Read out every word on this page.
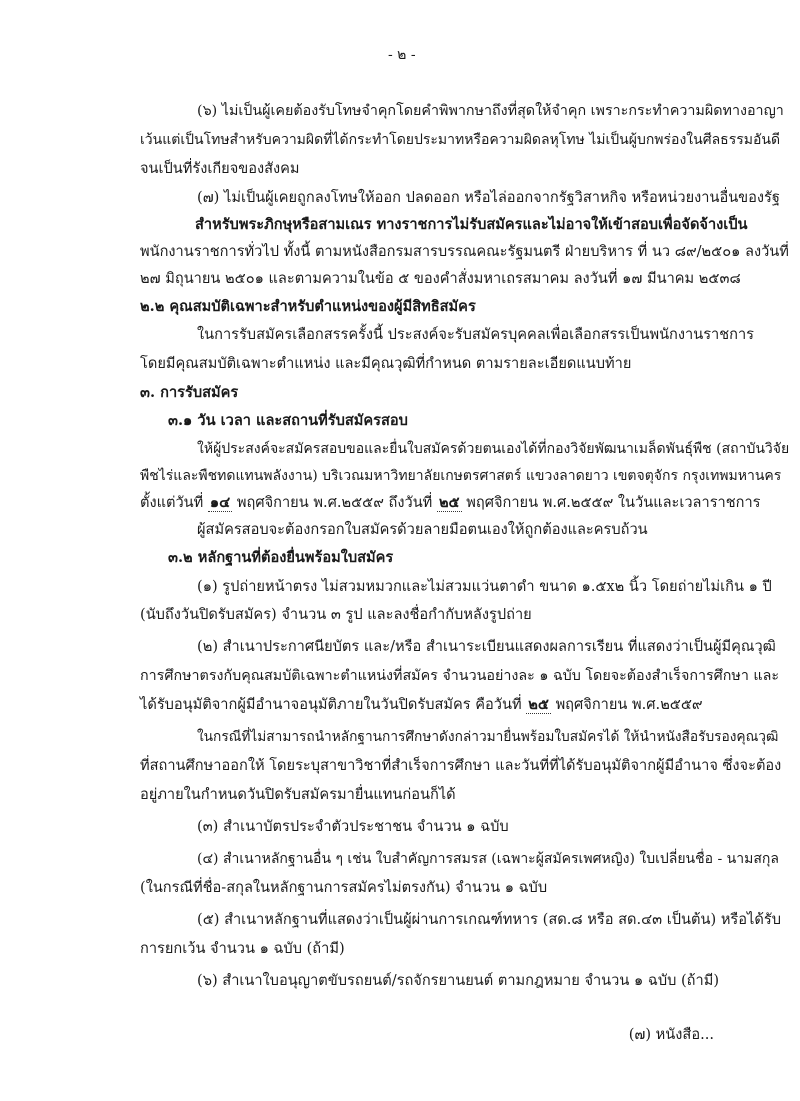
- ๒ -
(๖) ไม่เป็นผู้เคยต้องรับโทษจำคุกโดยคำพิพากษาถึงที่สุดให้จำคุก เพราะกระทำความผิดทางอาญา
เว้นแต่เป็นโทษสำหรับความผิดที่ได้กระทำโดยประมาทหรือความผิดลหุโทษ ไม่เป็นผู้บกพร่องในศีลธรรมอันดี
จนเป็นที่รังเกียจของสังคม
(๗) ไม่เป็นผู้เคยถูกลงโทษให้ออก ปลดออก หรือไล่ออกจากรัฐวิสาหกิจ หรือหน่วยงานอื่นของรัฐ
สำหรับพระภิกษุหรือสามเณร ทางราชการไม่รับสมัครและไม่อาจให้เข้าสอบเพื่อจัดจ้างเป็น
พนักงานราชการทั่วไป ทั้งนี้ ตามหนังสือกรมสารบรรณคณะรัฐมนตรี ฝ่ายบริหาร ที่ นว ๘๙/๒๕๐๑ ลงวันที่
๒๗ มิถุนายน ๒๕๐๑ และตามความในข้อ ๕ ของคำสั่งมหาเถรสมาคม ลงวันที่ ๑๗ มีนาคม ๒๕๓๘
๒.๒ คุณสมบัติเฉพาะสำหรับตำแหน่งของผู้มีสิทธิสมัคร
ในการรับสมัครเลือกสรรครั้งนี้ ประสงค์จะรับสมัครบุคคลเพื่อเลือกสรรเป็นพนักงานราชการ
โดยมีคุณสมบัติเฉพาะตำแหน่ง และมีคุณวุฒิที่กำหนด ตามรายละเอียดแนบท้าย
๓. การรับสมัคร
๓.๑ วัน เวลา และสถานที่รับสมัครสอบ
ให้ผู้ประสงค์จะสมัครสอบขอและยื่นใบสมัครด้วยตนเองได้ที่กองวิจัยพัฒนาเมล็ดพันธุ์พืช (สถาบันวิจัย
พืชไร่และพืชทดแทนพลังงาน) บริเวณมหาวิทยาลัยเกษตรศาสตร์ แขวงลาดยาว เขตจตุจักร กรุงเทพมหานคร
ตั้งแต่วันที่ ๑๔ พฤศจิกายน พ.ศ.๒๕๕๙ ถึงวันที่ ๒๕ พฤศจิกายน พ.ศ.๒๕๕๙ ในวันและเวลาราชการ
ผู้สมัครสอบจะต้องกรอกใบสมัครด้วยลายมือตนเองให้ถูกต้องและครบถ้วน
๓.๒ หลักฐานที่ต้องยื่นพร้อมใบสมัคร
(๑) รูปถ่ายหน้าตรง ไม่สวมหมวกและไม่สวมแว่นตาดำ ขนาด ๑.๕x๒ นิ้ว โดยถ่ายไม่เกิน ๑ ปี
(นับถึงวันปิดรับสมัคร) จำนวน ๓ รูป และลงชื่อกำกับหลังรูปถ่าย
(๒) สำเนาประกาศนียบัตร และ/หรือ สำเนาระเบียนแสดงผลการเรียน ที่แสดงว่าเป็นผู้มีคุณวุฒิ
การศึกษาตรงกับคุณสมบัติเฉพาะตำแหน่งที่สมัคร จำนวนอย่างละ ๑ ฉบับ โดยจะต้องสำเร็จการศึกษา และ
ได้รับอนุมัติจากผู้มีอำนาจอนุมัติภายในวันปิดรับสมัคร คือวันที่ ๒๕ พฤศจิกายน พ.ศ.๒๕๕๙
ในกรณีที่ไม่สามารถนำหลักฐานการศึกษาดังกล่าวมายื่นพร้อมใบสมัครได้ ให้นำหนังสือรับรองคุณวุฒิ
ที่สถานศึกษาออกให้ โดยระบุสาขาวิชาที่สำเร็จการศึกษา และวันที่ที่ได้รับอนุมัติจากผู้มีอำนาจ ซึ่งจะต้อง
อยู่ภายในกำหนดวันปิดรับสมัครมายื่นแทนก่อนก็ได้
(๓) สำเนาบัตรประจำตัวประชาชน จำนวน ๑ ฉบับ
(๔) สำเนาหลักฐานอื่น ๆ เช่น ใบสำคัญการสมรส (เฉพาะผู้สมัครเพศหญิง) ใบเปลี่ยนชื่อ - นามสกุล
(ในกรณีที่ชื่อ-สกุลในหลักฐานการสมัครไม่ตรงกัน) จำนวน ๑ ฉบับ
(๕) สำเนาหลักฐานที่แสดงว่าเป็นผู้ผ่านการเกณฑ์ทหาร (สด.๘ หรือ สด.๔๓ เป็นต้น) หรือได้รับ
การยกเว้น จำนวน ๑ ฉบับ (ถ้ามี)
(๖) สำเนาใบอนุญาตขับรถยนต์/รถจักรยานยนต์ ตามกฎหมาย จำนวน ๑ ฉบับ (ถ้ามี)
(๗) หนังสือ...
